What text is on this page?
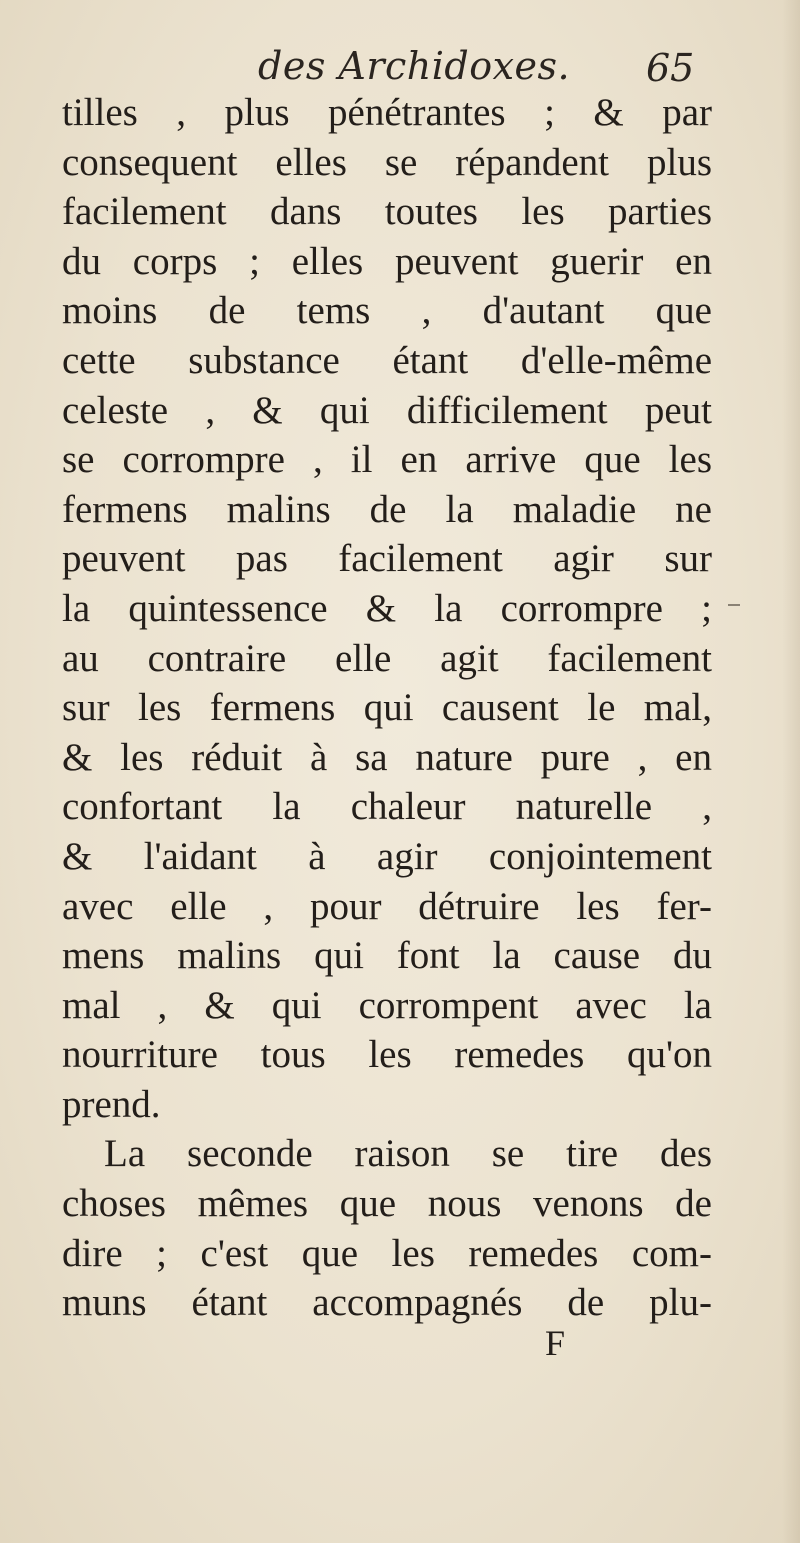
des Archidoxes. 65
tilles , plus pénétrantes ; & par
consequent elles se répandent plus
facilement dans toutes les parties
du corps ; elles peuvent guerir en
moins de tems , d'autant que
cette substance étant d'elle-même
celeste , & qui difficilement peut
se corrompre , il en arrive que les
fermens malins de la maladie ne
peuvent pas facilement agir sur
la quintessence & la corrompre ;
au contraire elle agit facilement
sur les fermens qui causent le mal,
& les réduit à sa nature pure , en
confortant la chaleur naturelle ,
& l'aidant à agir conjointement
avec elle , pour détruire les fer-
mens malins qui font la cause du
mal , & qui corrompent avec la
nourriture tous les remedes qu'on
prend.
La seconde raison se tire des
choses mêmes que nous venons de
dire ; c'est que les remedes com-
muns étant accompagnés de plu-
F
